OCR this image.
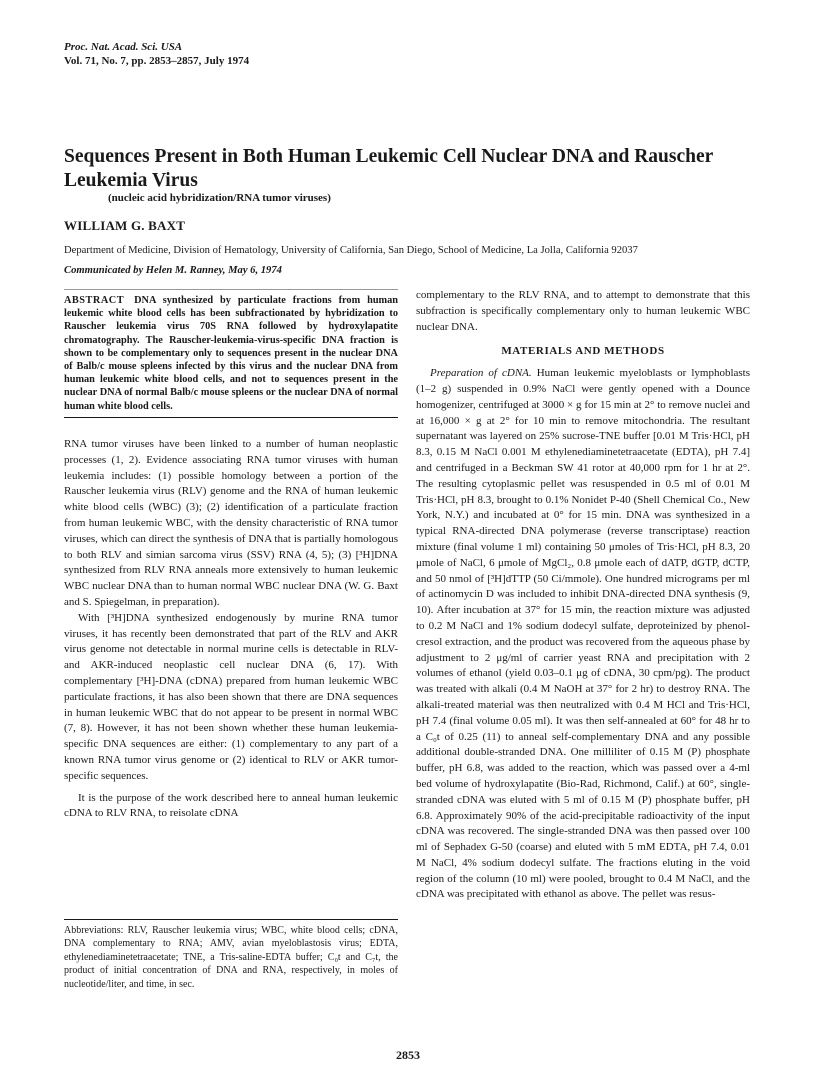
Proc. Nat. Acad. Sci. USA
Vol. 71, No. 7, pp. 2853–2857, July 1974
Sequences Present in Both Human Leukemic Cell Nuclear DNA and Rauscher Leukemia Virus
(nucleic acid hybridization/RNA tumor viruses)
WILLIAM G. BAXT
Department of Medicine, Division of Hematology, University of California, San Diego, School of Medicine, La Jolla, California 92037
Communicated by Helen M. Ranney, May 6, 1974
ABSTRACT DNA synthesized by particulate fractions from human leukemic white blood cells has been subfractionated by hybridization to Rauscher leukemia virus 70S RNA followed by hydroxylapatite chromatography. The Rauscher-leukemia-virus-specific DNA fraction is shown to be complementary only to sequences present in the nuclear DNA of Balb/c mouse spleens infected by this virus and the nuclear DNA from human leukemic white blood cells, and not to sequences present in the nuclear DNA of normal Balb/c mouse spleens or the nuclear DNA of normal human white blood cells.

RNA tumor viruses have been linked to a number of human neoplastic processes (1, 2). Evidence associating RNA tumor viruses with human leukemia includes: (1) possible homology between a portion of the Rauscher leukemia virus (RLV) genome and the RNA of human leukemic white blood cells (WBC) (3); (2) identification of a particulate fraction from human leukemic WBC, with the density characteristic of RNA tumor viruses, which can direct the synthesis of DNA that is partially homologous to both RLV and simian sarcoma virus (SSV) RNA (4, 5); (3) [³H]DNA synthesized from RLV RNA anneals more extensively to human leukemic WBC nuclear DNA than to human normal WBC nuclear DNA (W. G. Baxt and S. Spiegelman, in preparation).

With [³H]DNA synthesized endogenously by murine RNA tumor viruses, it has recently been demonstrated that part of the RLV and AKR virus genome not detectable in normal murine cells is detectable in RLV- and AKR-induced neoplastic cell nuclear DNA (6, 17). With complementary [³H]-DNA (cDNA) prepared from human leukemic WBC particulate fractions, it has also been shown that there are DNA sequences in human leukemic WBC that do not appear to be present in normal WBC (7, 8). However, it has not been shown whether these human leukemia-specific DNA sequences are either: (1) complementary to any part of a known RNA tumor virus genome or (2) identical to RLV or AKR tumor-specific sequences.

It is the purpose of the work described here to anneal human leukemic cDNA to RLV RNA, to reisolate cDNA

Abbreviations: RLV, Rauscher leukemia virus; WBC, white blood cells; cDNA, DNA complementary to RNA; AMV, avian myeloblastosis virus; EDTA, ethylenediaminetetraacetate; TNE, a Tris-saline-EDTA buffer; C₀t and C₇t, the product of initial concentration of DNA and RNA, respectively, in moles of nucleotide/liter, and time, in sec.

complementary to the RLV RNA, and to attempt to demonstrate that this subfraction is specifically complementary only to human leukemic WBC nuclear DNA.

MATERIALS AND METHODS

Preparation of cDNA. Human leukemic myeloblasts or lymphoblasts (1–2 g) suspended in 0.9% NaCl were gently opened with a Dounce homogenizer, centrifuged at 3000 × g for 15 min at 2° to remove nuclei and at 16,000 × g at 2° for 10 min to remove mitochondria. The resultant supernatant was layered on 25% sucrose-TNE buffer [0.01 M Tris·HCl, pH 8.3, 0.15 M NaCl 0.001 M ethylenediaminetetraacetate (EDTA), pH 7.4] and centrifuged in a Beckman SW 41 rotor at 40,000 rpm for 1 hr at 2°. The resulting cytoplasmic pellet was resuspended in 0.5 ml of 0.01 M Tris·HCl, pH 8.3, brought to 0.1% Nonidet P-40 (Shell Chemical Co., New York, N.Y.) and incubated at 0° for 15 min. DNA was synthesized in a typical RNA-directed DNA polymerase (reverse transcriptase) reaction mixture (final volume 1 ml) containing 50 μmoles of Tris·HCl, pH 8.3, 20 μmole of NaCl, 6 μmole of MgCl₂, 0.8 μmole each of dATP, dGTP, dCTP, and 50 nmol of [³H]dTTP (50 Ci/mmole). One hundred micrograms per ml of actinomycin D was included to inhibit DNA-directed DNA synthesis (9, 10). After incubation at 37° for 15 min, the reaction mixture was adjusted to 0.2 M NaCl and 1% sodium dodecyl sulfate, deproteinized by phenol-cresol extraction, and the product was recovered from the aqueous phase by adjustment to 2 μg/ml of carrier yeast RNA and precipitation with 2 volumes of ethanol (yield 0.03–0.1 μg of cDNA, 30 cpm/pg). The product was treated with alkali (0.4 M NaOH at 37° for 2 hr) to destroy RNA. The alkali-treated material was then neutralized with 0.4 M HCl and Tris·HCl, pH 7.4 (final volume 0.05 ml). It was then self-annealed at 60° for 48 hr to a C₀t of 0.25 (11) to anneal self-complementary DNA and any possible additional double-stranded DNA. One milliliter of 0.15 M (P) phosphate buffer, pH 6.8, was added to the reaction, which was passed over a 4-ml bed volume of hydroxylapatite (Bio-Rad, Richmond, Calif.) at 60°, single-stranded cDNA was eluted with 5 ml of 0.15 M (P) phosphate buffer, pH 6.8. Approximately 90% of the acid-precipitable radioactivity of the input cDNA was recovered. The single-stranded DNA was then passed over 100 ml of Sephadex G-50 (coarse) and eluted with 5 mM EDTA, pH 7.4, 0.01 M NaCl, 4% sodium dodecyl sulfate. The fractions eluting in the void region of the column (10 ml) were pooled, brought to 0.4 M NaCl, and the cDNA was precipitated with ethanol as above. The pellet was resus-

2853
